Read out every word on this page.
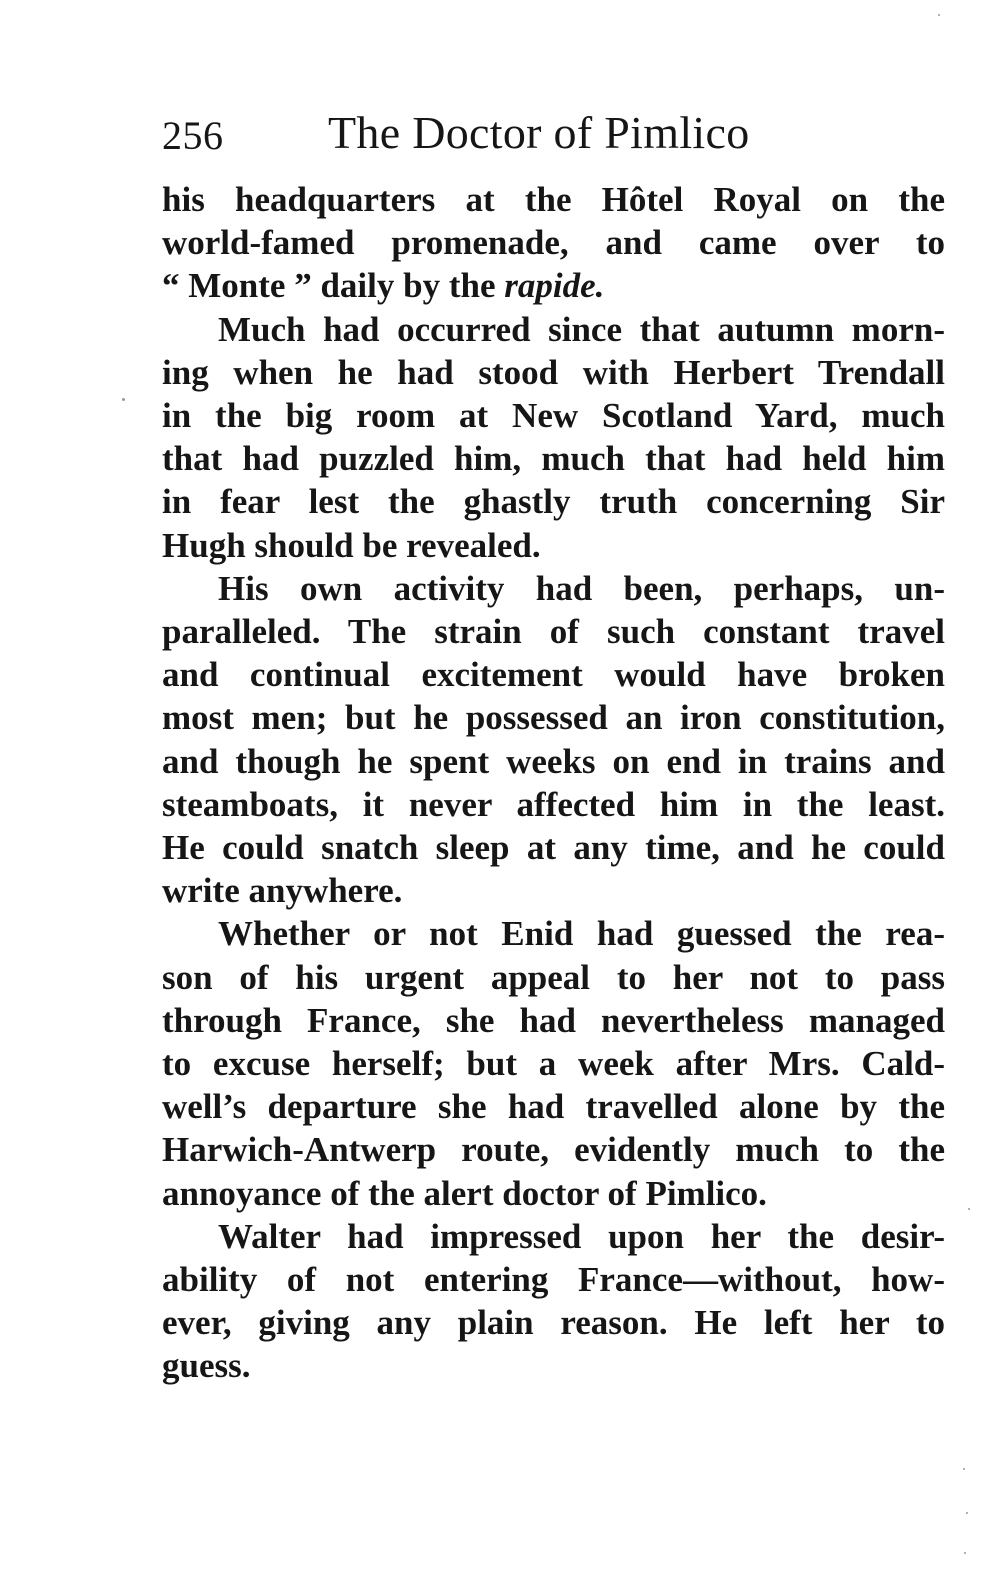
256 The Doctor of Pimlico
his headquarters at the Hôtel Royal on the
world-famed promenade, and came over to
“ Monte ” daily by the rapide.
Much had occurred since that autumn morn-
ing when he had stood with Herbert Trendall
in the big room at New Scotland Yard, much
that had puzzled him, much that had held him
in fear lest the ghastly truth concerning Sir
Hugh should be revealed.
His own activity had been, perhaps, un-
paralleled. The strain of such constant travel
and continual excitement would have broken
most men; but he possessed an iron constitution,
and though he spent weeks on end in trains and
steamboats, it never affected him in the least.
He could snatch sleep at any time, and he could
write anywhere.
Whether or not Enid had guessed the rea-
son of his urgent appeal to her not to pass
through France, she had nevertheless managed
to excuse herself; but a week after Mrs. Cald-
well’s departure she had travelled alone by the
Harwich-Antwerp route, evidently much to the
annoyance of the alert doctor of Pimlico.
Walter had impressed upon her the desir-
ability of not entering France—without, how-
ever, giving any plain reason. He left her to
guess.
